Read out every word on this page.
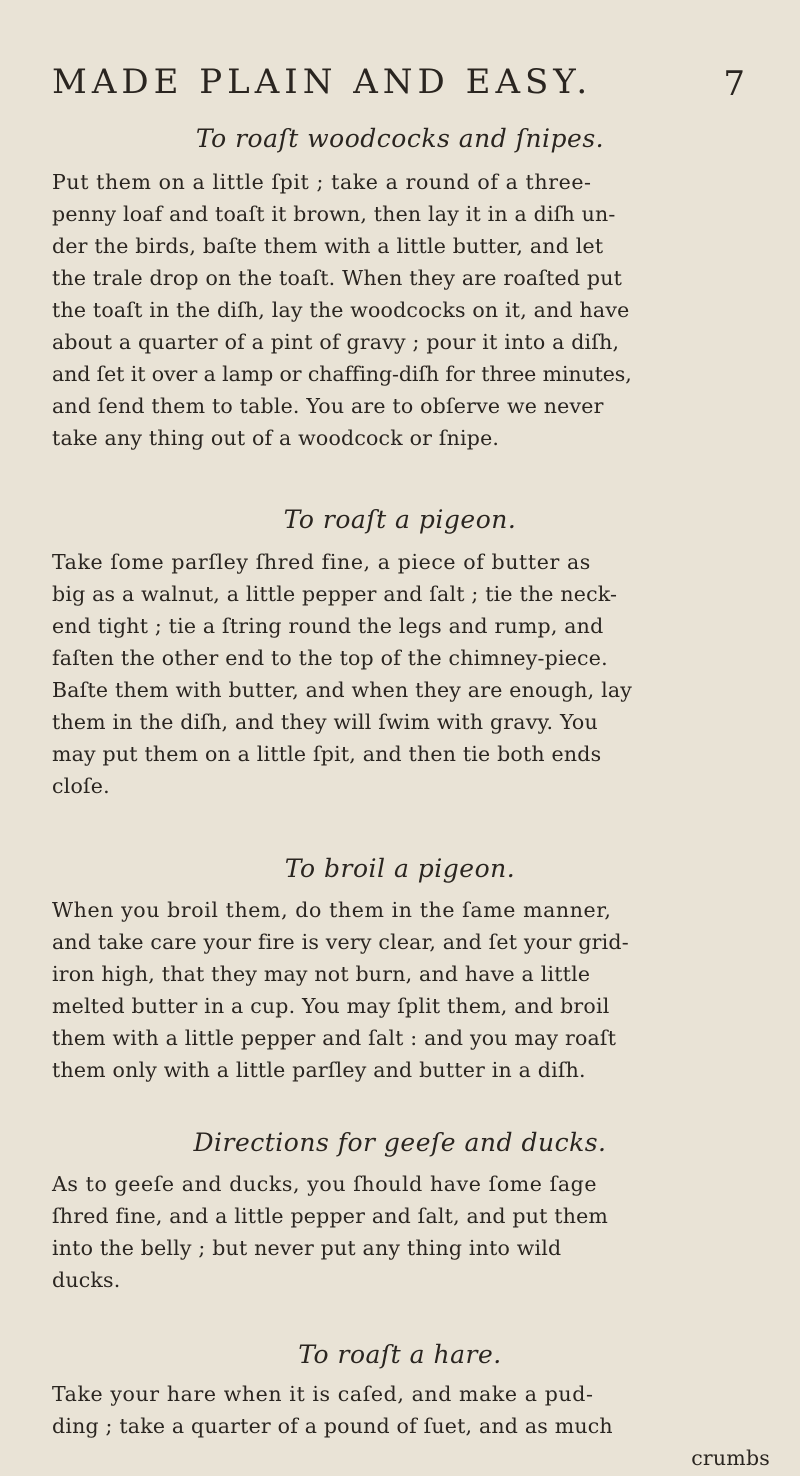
MADE PLAIN AND EASY.	7
To roaſt woodcocks and ſnipes.
Put them on a little ſpit ; take a round of a three-
penny loaf and toaſt it brown, then lay it in a diſh un-
der the birds, baſte them with a little butter, and let
the trale drop on the toaſt. When they are roaſted put
the toaſt in the diſh, lay the woodcocks on it, and have
about a quarter of a pint of gravy ; pour it into a diſh,
and ſet it over a lamp or chaffing-diſh for three minutes,
and ſend them to table. You are to obſerve we never
take any thing out of a woodcock or ſnipe.
To roaſt a pigeon.
Take ſome parſley ſhred fine, a piece of butter as
big as a walnut, a little pepper and ſalt ; tie the neck-
end tight ; tie a ſtring round the legs and rump, and
faſten the other end to the top of the chimney-piece.
Baſte them with butter, and when they are enough, lay
them in the diſh, and they will ſwim with gravy. You
may put them on a little ſpit, and then tie both ends
cloſe.
To broil a pigeon.
When you broil them, do them in the ſame manner,
and take care your fire is very clear, and ſet your grid-
iron high, that they may not burn, and have a little
melted butter in a cup. You may ſplit them, and broil
them with a little pepper and ſalt : and you may roaſt
them only with a little parſley and butter in a diſh.
Directions for geeſe and ducks.
As to geeſe and ducks, you ſhould have ſome ſage
ſhred fine, and a little pepper and ſalt, and put them
into the belly ; but never put any thing into wild
ducks.
To roaſt a hare.
Take your hare when it is caſed, and make a pud-
ding ; take a quarter of a pound of ſuet, and as much
crumbs
